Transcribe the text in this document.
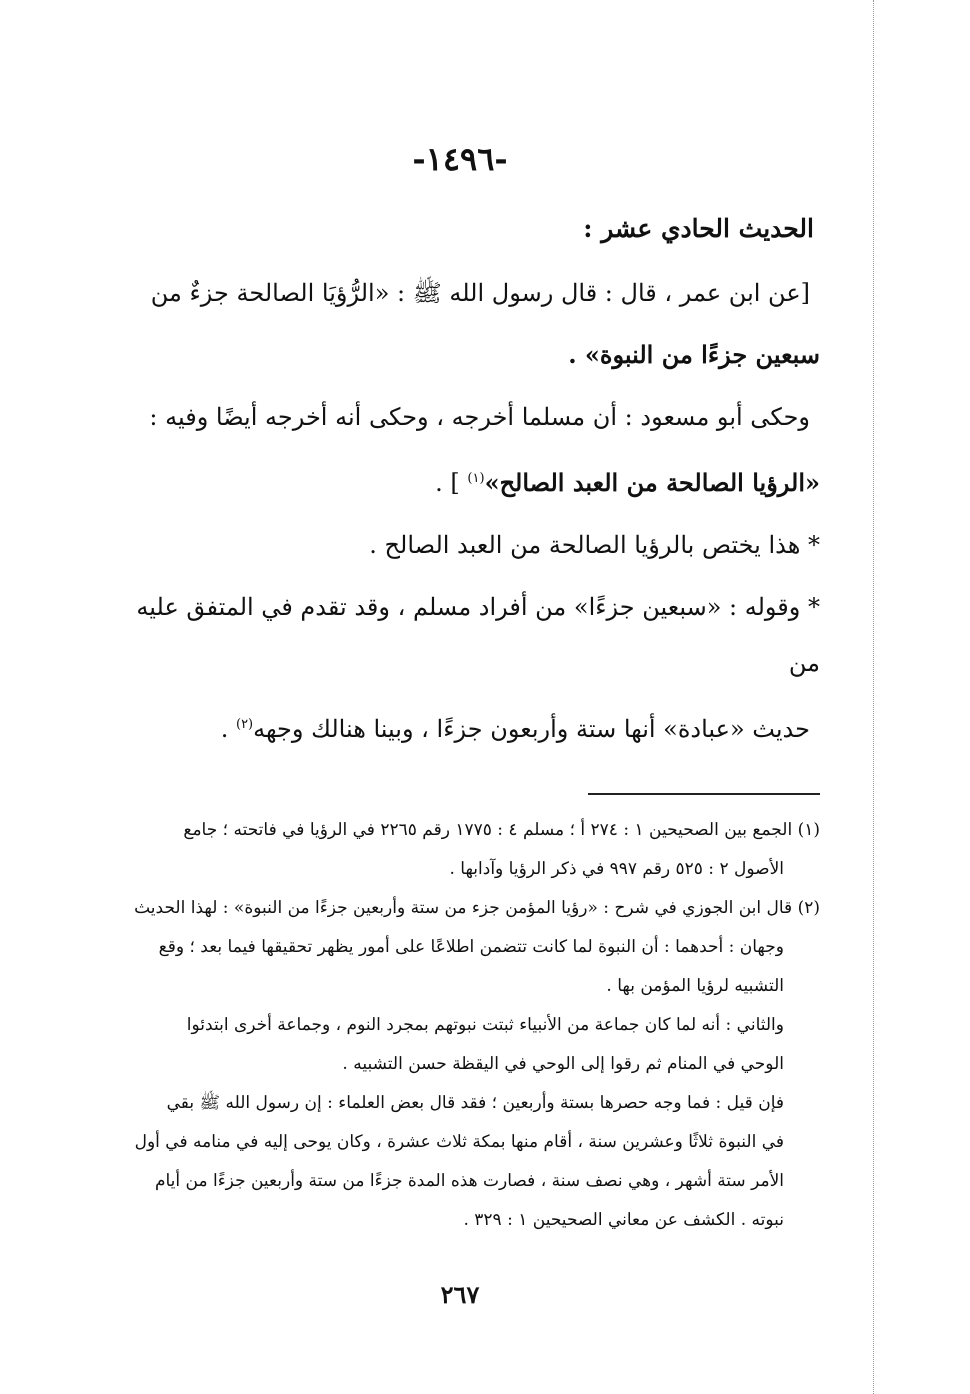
-١٤٩٦-
الحديث الحادي عشر :
[عن ابن عمر ، قال : قال رسول الله ﷺ : «الرُّؤيَا الصالحة جزءٌ من
سبعين جزءًا من النبوة» .
وحكى أبو مسعود : أن مسلما أخرجه ، وحكى أنه أخرجه أيضًا وفيه :
«الرؤيا الصالحة من العبد الصالح»$^{(١)}$ ] .
* هذا يختص بالرؤيا الصالحة من العبد الصالح .
* وقوله : «سبعين جزءًا» من أفراد مسلم ، وقد تقدم في المتفق عليه من
حديث «عبادة» أنها ستة وأربعون جزءًا ، وبينا هنالك وجهه$^{(٢)}$ .
(١) الجمع بين الصحيحين ١ : ٢٧٤ أ ؛ مسلم ٤ : ١٧٧٥ رقم ٢٢٦٥ في الرؤيا في فاتحته ؛ جامع
الأصول ٢ : ٥٢٥ رقم ٩٩٧ في ذكر الرؤيا وآدابها .
(٢) قال ابن الجوزي في شرح : «رؤيا المؤمن جزء من ستة وأربعين جزءًا من النبوة» : لهذا الحديث
وجهان : أحدهما : أن النبوة لما كانت تتضمن اطلاعًا على أمور يظهر تحقيقها فيما بعد ؛ وقع
التشبيه لرؤيا المؤمن بها .
والثاني : أنه لما كان جماعة من الأنبياء ثبتت نبوتهم بمجرد النوم ، وجماعة أخرى ابتدئوا
الوحي في المنام ثم رقوا إلى الوحي في اليقظة حسن التشبيه .
فإن قيل : فما وجه حصرها بستة وأربعين ؛ فقد قال بعض العلماء : إن رسول الله ﷺ بقي
في النبوة ثلاثًا وعشرين سنة ، أقام منها بمكة ثلاث عشرة ، وكان يوحى إليه في منامه في أول
الأمر ستة أشهر ، وهي نصف سنة ، فصارت هذه المدة جزءًا من ستة وأربعين جزءًا من أيام
نبوته . الكشف عن معاني الصحيحين ١ : ٣٢٩ .
٢٦٧
